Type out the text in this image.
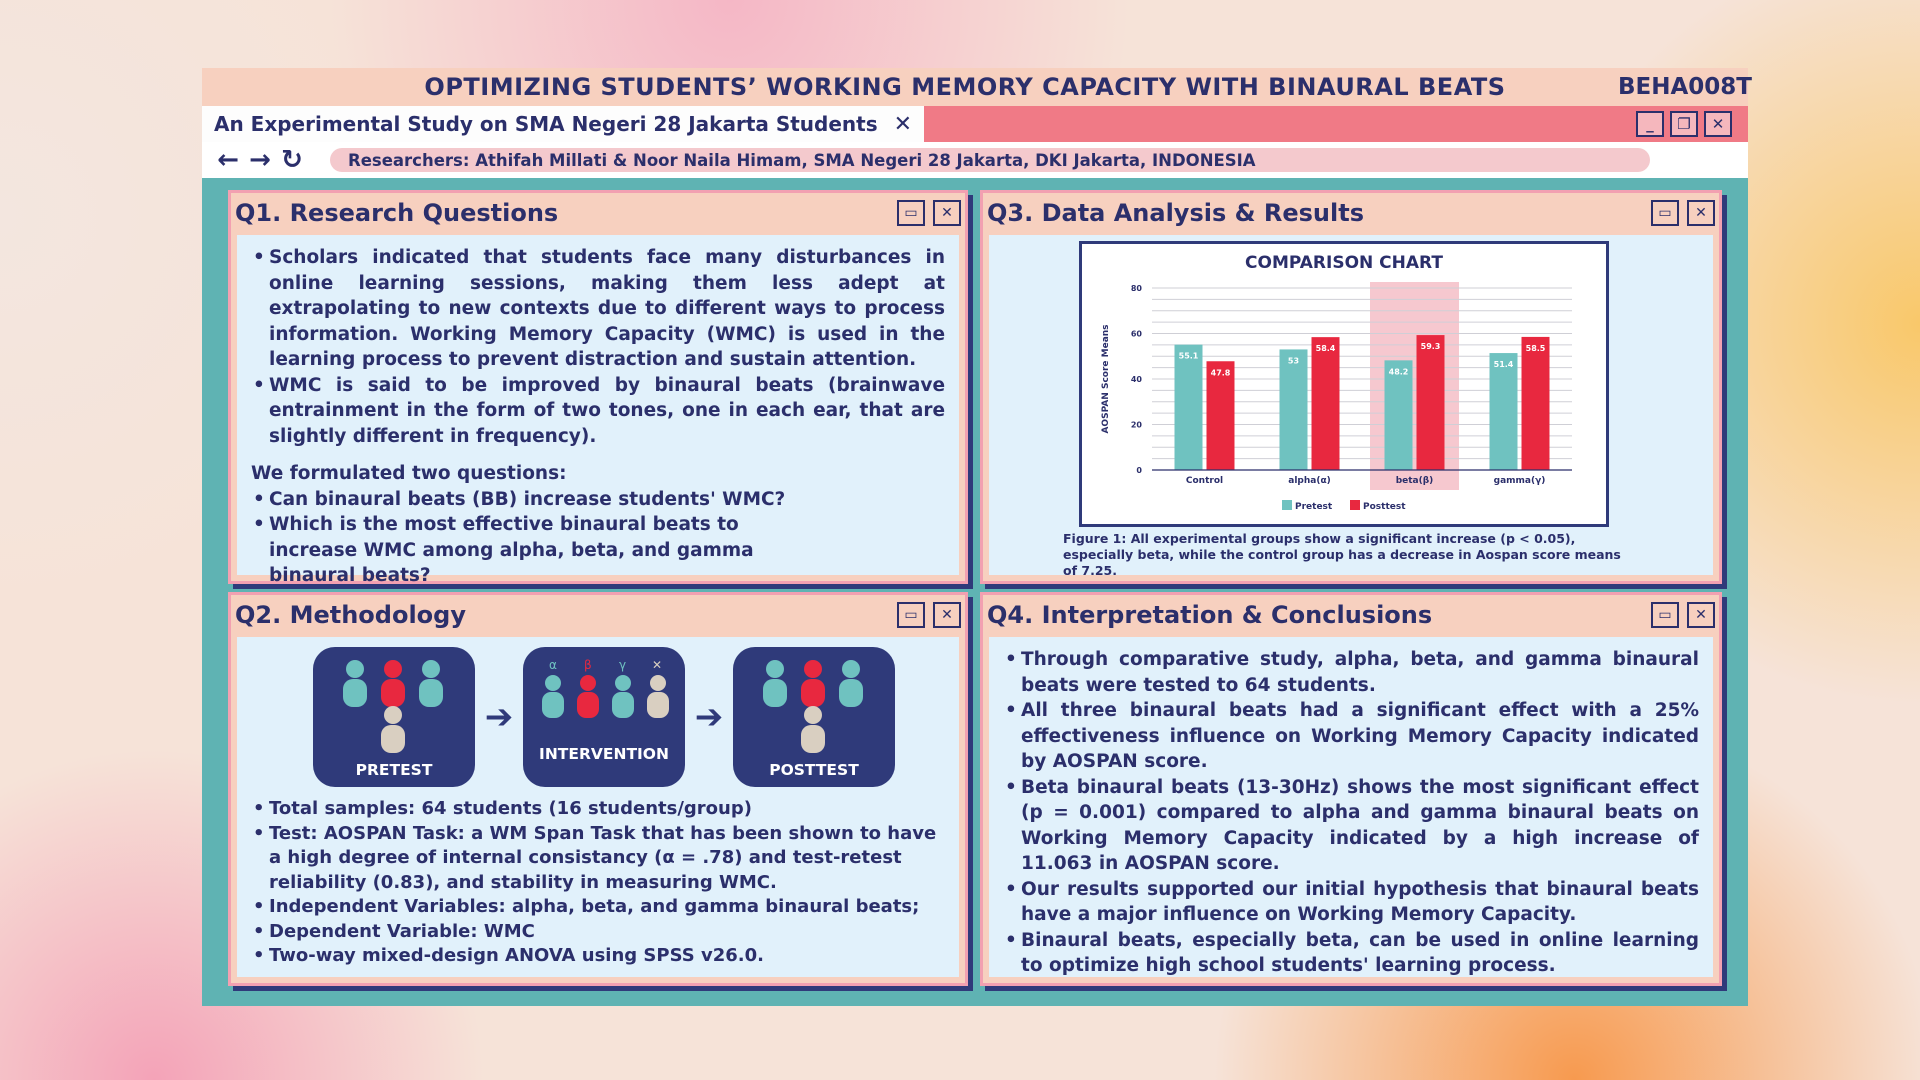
OPTIMIZING STUDENTS’ WORKING MEMORY CAPACITY WITH BINAURAL BEATS	BEHA008T
An Experimental Study on SMA Negeri 28 Jakarta Students ✕	_	❐	✕
← → ↻	Researchers: Athifah Millati & Noor Naila Himam, SMA Negeri 28 Jakarta, DKI Jakarta, INDONESIA
Q1. Research Questions	▭	✕
• Scholars indicated that students face many disturbances in online learning sessions, making them less adept at extrapolating to new contexts due to different ways to process information. Working Memory Capacity (WMC) is used in the learning process to prevent distraction and sustain attention.
• WMC is said to be improved by binaural beats (brainwave entrainment in the form of two tones, one in each ear, that are slightly different in frequency).
We formulated two questions:
• Can binaural beats (BB) increase students' WMC?
• Which is the most effective binaural beats to increase WMC among alpha, beta, and gamma binaural beats?
Q3. Data Analysis & Results	▭	✕
COMPARISON CHART
0
20
40
60
80
AOSPAN Score Means	55.1
47.8
Control
53
58.4
alpha(α)
48.2
59.3
beta(β)
51.4
58.5
gamma(γ)
Pretest	Posttest
Figure 1: All experimental groups show a significant increase (p < 0.05), especially beta, while the control group has a decrease in Aospan score means of 7.25.
Q2. Methodology	▭	✕
PRETEST
➔
α β γ ✕
INTERVENTION
➔
POSTTEST
• Total samples: 64 students (16 students/group)
• Test: AOSPAN Task: a WM Span Task that has been shown to have a high degree of internal consistancy (α = .78) and test-retest reliability (0.83), and stability in measuring WMC.
• Independent Variables: alpha, beta, and gamma binaural beats;
• Dependent Variable: WMC
• Two-way mixed-design ANOVA using SPSS v26.0.
Q4. Interpretation & Conclusions	▭	✕
• Through comparative study, alpha, beta, and gamma binaural beats were tested to 64 students.
• All three binaural beats had a significant effect with a 25% effectiveness influence on Working Memory Capacity indicated by AOSPAN score.
• Beta binaural beats (13-30Hz) shows the most significant effect (p = 0.001) compared to alpha and gamma binaural beats on Working Memory Capacity indicated by a high increase of 11.063 in AOSPAN score.
• Our results supported our initial hypothesis that binaural beats have a major influence on Working Memory Capacity.
• Binaural beats, especially beta, can be used in online learning to optimize high school students' learning process.
